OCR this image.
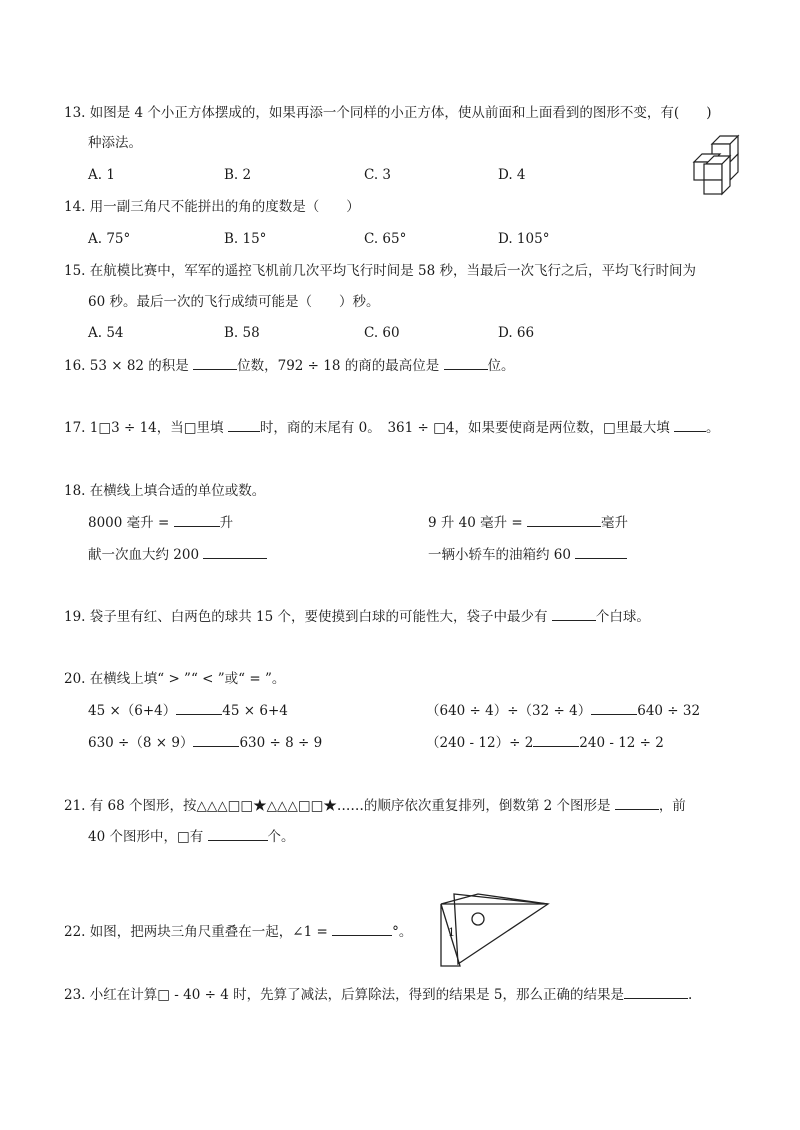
13. 如图是 4 个小正方体摆成的，如果再添一个同样的小正方体，使从前面和上面看到的图形不变，有(　　)
种添法。
A. 1	B. 2	C. 3	D. 4
14. 用一副三角尺不能拼出的角的度数是（　　）
A. 75°	B. 15°	C. 65°	D. 105°
15. 在航模比赛中，军军的遥控飞机前几次平均飞行时间是 58 秒，当最后一次飞行之后，平均飞行时间为
60 秒。最后一次的飞行成绩可能是（　　）秒。
A. 54	B. 58	C. 60	D. 66
16. 53 × 82 的积是	位数，792 ÷ 18 的商的最高位是	位。
17. 1□3 ÷ 14，当□里填	时，商的末尾有 0。　361 ÷ □4，如果要使商是两位数，□里最大填	。
18. 在横线上填合适的单位或数。
8000 毫升 =	升	9 升 40 毫升 =	毫升
献一次血大约 200	一辆小轿车的油箱约 60
19. 袋子里有红、白两色的球共 15 个，要使摸到白球的可能性大，袋子中最少有	个白球。
20. 在横线上填“ > ”“ < ”或“ = ”。
45 ×（6+4）	45 × 6+4	（640 ÷ 4）÷（32 ÷ 4）	640 ÷ 32
630 ÷（8 × 9）	630 ÷ 8 ÷ 9	（240 - 12）÷ 2	240 - 12 ÷ 2
21. 有 68 个图形，按△△△□□★△△△□□★……的顺序依次重复排列，倒数第 2 个图形是	，前
40 个图形中，□有	个。
22. 如图，把两块三角尺重叠在一起，∠1 =	°。	1
23. 小红在计算□ - 40 ÷ 4 时，先算了减法，后算除法，得到的结果是 5，那么正确的结果是	.
